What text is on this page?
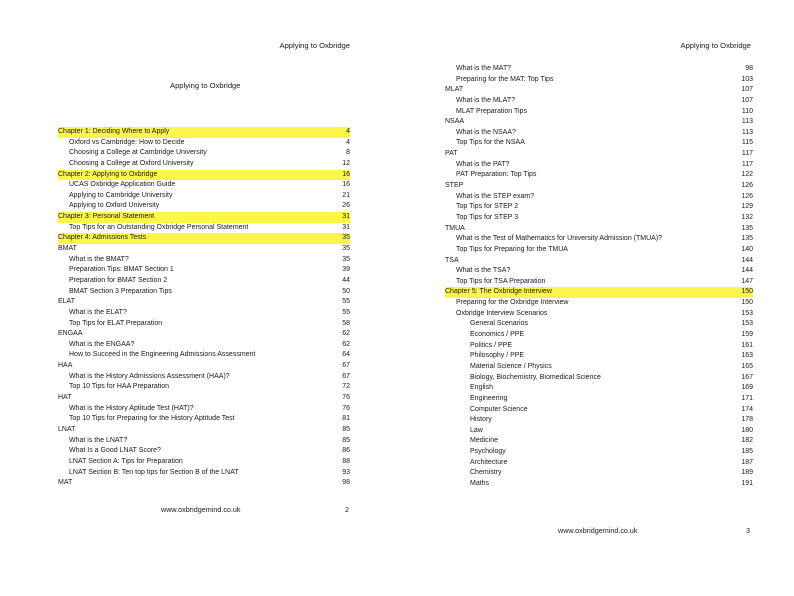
Applying to Oxbridge
Applying to Oxbridge
Chapter 1: Deciding Where to Apply	4
Oxford vs Cambridge: How to Decide	4
Choosing a College at Cambridge University	8
Choosing a College at Oxford University	12
Chapter 2: Applying to Oxbridge	16
UCAS Oxbridge Application Guide	16
Applying to Cambridge University	21
Applying to Oxford University	26
Chapter 3: Personal Statement	31
Top Tips for an Outstanding Oxbridge Personal Statement	31
Chapter 4: Admissions Tests	35
BMAT	35
What is the BMAT?	35
Preparation Tips: BMAT Section 1	39
Preparation for BMAT Section 2	44
BMAT Section 3 Preparation Tips	50
ELAT	55
What is the ELAT?	55
Top Tips for ELAT Preparation	58
ENGAA	62
What is the ENGAA?	62
How to Succeed in the Engineering Admissions Assessment	64
HAA	67
What is the History Admissions Assessment (HAA)?	67
Top 10 Tips for HAA Preparation	72
HAT	76
What is the History Aptitude Test (HAT)?	76
Top 10 Tips for Preparing for the History Aptitude Test	81
LNAT	85
What is the LNAT?	85
What Is a Good LNAT Score?	86
LNAT Section A: Tips for Preparation	88
LNAT Section B: Ten top tips for Section B of the LNAT	93
MAT	98
www.oxbridgemind.co.uk	2
Applying to Oxbridge
What is the MAT?	98
Preparing for the MAT: Top Tips	103
MLAT	107
What is the MLAT?	107
MLAT Preparation Tips	110
NSAA	113
What is the NSAA?	113
Top Tips for the NSAA	115
PAT	117
What is the PAT?	117
PAT Preparation: Top Tips	122
STEP	126
What is the STEP exam?	126
Top Tips for STEP 2	129
Top Tips for STEP 3	132
TMUA	135
What is the Test of Mathematics for University Admission (TMUA)?	135
Top Tips for Preparing for the TMUA	140
TSA	144
What is the TSA?	144
Top Tips for TSA Preparation	147
Chapter 5: The Oxbridge Interview	150
Preparing for the Oxbridge Interview	150
Oxbridge Interview Scenarios	153
General Scenarios	153
Economics / PPE	159
Politics / PPE	161
Philosophy / PPE	163
Material Science / Physics	165
Biology, Biochemistry, Biomedical Science	167
English	169
Engineering	171
Computer Science	174
History	178
Law	180
Medicine	182
Psychology	185
Architecture	187
Chemistry	189
Maths	191
www.oxbridgemind.co.uk	3
